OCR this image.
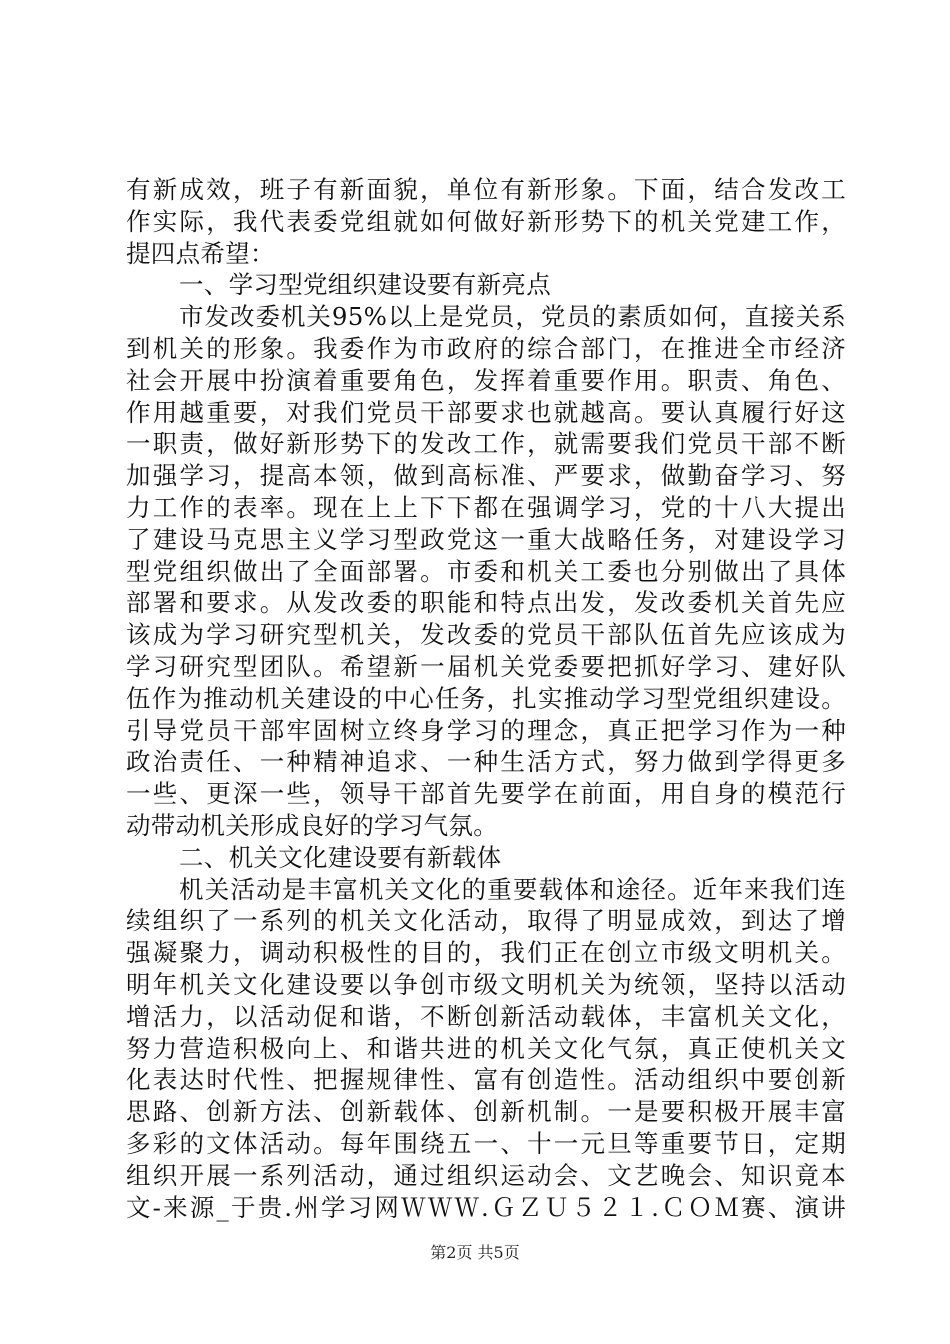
有新成效，班子有新面貌，单位有新形象。下面，结合发改工
作实际，我代表委党组就如何做好新形势下的机关党建工作，
提四点希望：
一、学习型党组织建设要有新亮点
市发改委机关95%以上是党员，党员的素质如何，直接关系
到机关的形象。我委作为市政府的综合部门，在推进全市经济
社会开展中扮演着重要角色，发挥着重要作用。职责、角色、
作用越重要，对我们党员干部要求也就越高。要认真履行好这
一职责，做好新形势下的发改工作，就需要我们党员干部不断
加强学习，提高本领，做到高标准、严要求，做勤奋学习、努
力工作的表率。现在上上下下都在强调学习，党的十八大提出
了建设马克思主义学习型政党这一重大战略任务，对建设学习
型党组织做出了全面部署。市委和机关工委也分别做出了具体
部署和要求。从发改委的职能和特点出发，发改委机关首先应
该成为学习研究型机关，发改委的党员干部队伍首先应该成为
学习研究型团队。希望新一届机关党委要把抓好学习、建好队
伍作为推动机关建设的中心任务，扎实推动学习型党组织建设。
引导党员干部牢固树立终身学习的理念，真正把学习作为一种
政治责任、一种精神追求、一种生活方式，努力做到学得更多
一些、更深一些，领导干部首先要学在前面，用自身的模范行
动带动机关形成良好的学习气氛。
二、机关文化建设要有新载体
机关活动是丰富机关文化的重要载体和途径。近年来我们连
续组织了一系列的机关文化活动，取得了明显成效，到达了增
强凝聚力，调动积极性的目的，我们正在创立市级文明机关。
明年机关文化建设要以争创市级文明机关为统领，坚持以活动
增活力，以活动促和谐，不断创新活动载体，丰富机关文化，
努力营造积极向上、和谐共进的机关文化气氛，真正使机关文
化表达时代性、把握规律性、富有创造性。活动组织中要创新
思路、创新方法、创新载体、创新机制。一是要积极开展丰富
多彩的文体活动。每年围绕五一、十一元旦等重要节日，定期
组织开展一系列活动，通过组织运动会、文艺晚会、知识竟本
文-来源_于贵.州学习网ＷＷＷ.ＧＺＵ５２１.ＣＯＭ赛、演讲
第2页 共5页
